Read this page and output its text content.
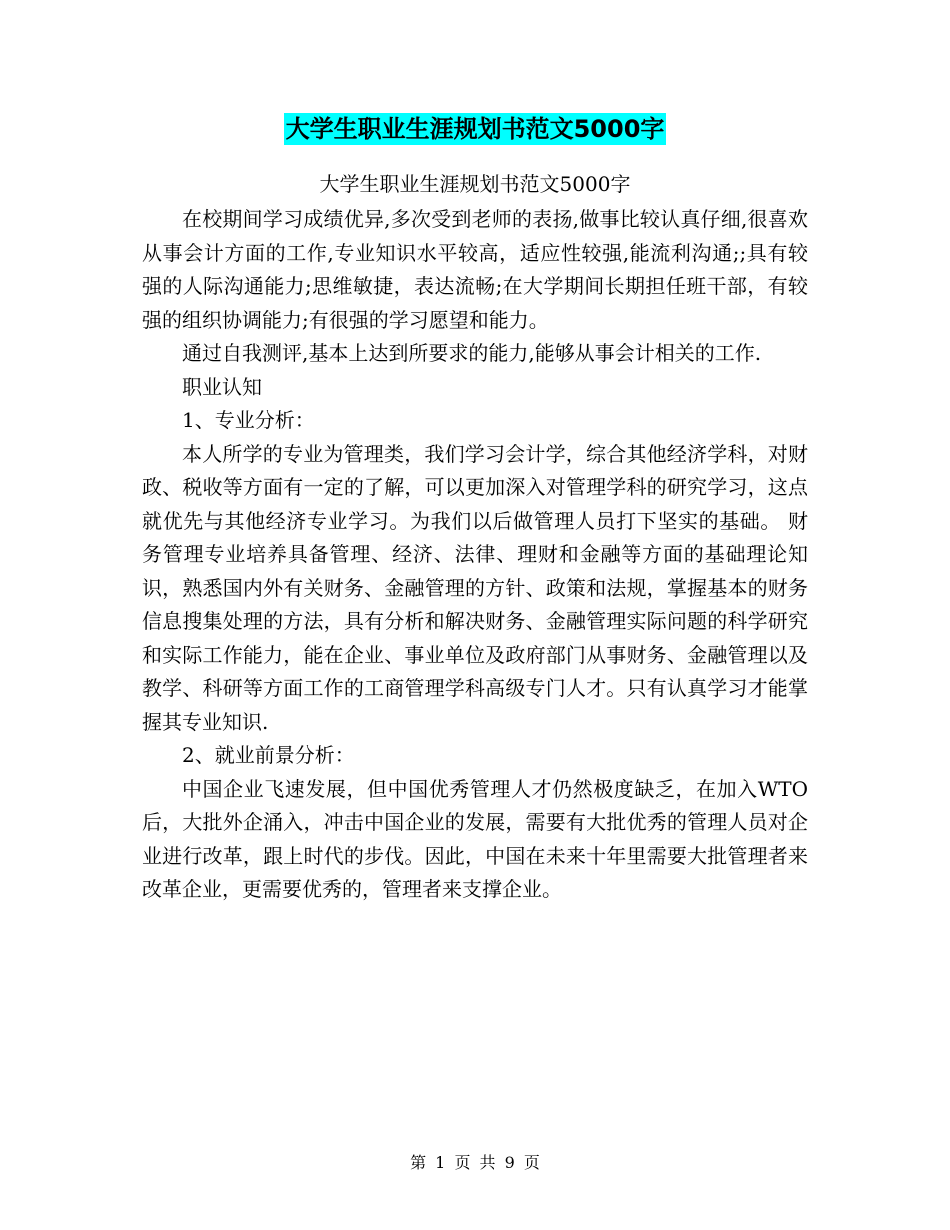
大学生职业生涯规划书范文5000字
大学生职业生涯规划书范文5000字

在校期间学习成绩优异,多次受到老师的表扬,做事比较认真仔细,很喜欢从事会计方面的工作,专业知识水平较高，适应性较强,能流利沟通;;具有较强的人际沟通能力;思维敏捷，表达流畅;在大学期间长期担任班干部，有较强的组织协调能力;有很强的学习愿望和能力。

通过自我测评,基本上达到所要求的能力,能够从事会计相关的工作.

职业认知

1、专业分析：

本人所学的专业为管理类，我们学习会计学，综合其他经济学科，对财政、税收等方面有一定的了解，可以更加深入对管理学科的研究学习，这点就优先与其他经济专业学习。为我们以后做管理人员打下坚实的基础。 财务管理专业培养具备管理、经济、法律、理财和金融等方面的基础理论知识，熟悉国内外有关财务、金融管理的方针、政策和法规，掌握基本的财务信息搜集处理的方法，具有分析和解决财务、金融管理实际问题的科学研究和实际工作能力，能在企业、事业单位及政府部门从事财务、金融管理以及教学、科研等方面工作的工商管理学科高级专门人才。只有认真学习才能掌握其专业知识.

2、就业前景分析：

中国企业飞速发展，但中国优秀管理人才仍然极度缺乏，在加入WTO后，大批外企涌入，冲击中国企业的发展，需要有大批优秀的管理人员对企业进行改革，跟上时代的步伐。因此，中国在未来十年里需要大批管理者来改革企业，更需要优秀的，管理者来支撑企业。

第 1 页 共 9 页
